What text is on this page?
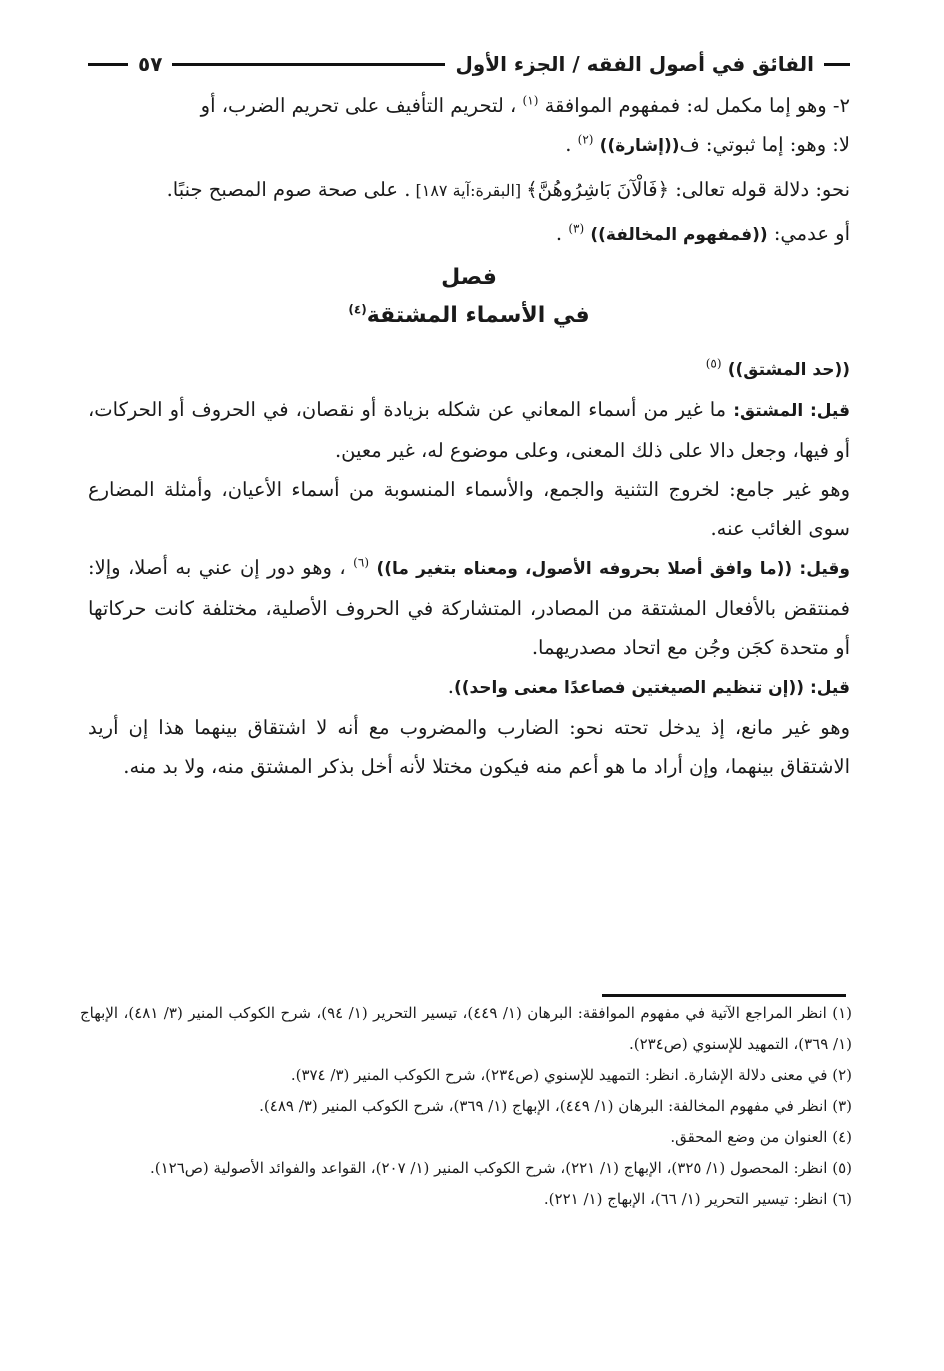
الفائق في أصول الفقه / الجزء الأول
٥٧

٢- وهو إما مكمل له: فمفهوم الموافقة $^{(١)}$ ، لتحريم التأفيف على تحريم الضرب، أو

لا: وهو: إما ثبوتي: ف((إشارة)) $^{(٢)}$ .

نحو: دلالة قوله تعالى: ﴿فَالْآنَ بَاشِرُوهُنَّ﴾ [البقرة:آية ١٨٧] . على صحة صوم المصبح جنبًا.

أو عدمي: ((فمفهوم المخالفة)) $^{(٣)}$ .

فصل
في الأسماء المشتقة$^{(٤)}$

((حد المشتق)) $^{(٥)}$

قيل: المشتق: ما غير من أسماء المعاني عن شكله بزيادة أو نقصان، في الحروف أو الحركات، أو فيها، وجعل دالا على ذلك المعنى، وعلى موضوع له، غير معين.

وهو غير جامع: لخروج التثنية والجمع، والأسماء المنسوبة من أسماء الأعيان، وأمثلة المضارع سوى الغائب عنه.

وقيل: ((ما وافق أصلا بحروفه الأصول، ومعناه بتغير ما)) $^{(٦)}$ ، وهو دور إن عني به أصلا، وإلا: فمنتقض بالأفعال المشتقة من المصادر، المتشاركة في الحروف الأصلية، مختلفة كانت حركاتها أو متحدة كجَن وجُن مع اتحاد مصدريهما.

قيل: ((إن تنظيم الصيغتين فصاعدًا معنى واحد)).

وهو غير مانع، إذ يدخل تحته نحو: الضارب والمضروب مع أنه لا اشتقاق بينهما هذا إن أريد الاشتقاق بينهما، وإن أراد ما هو أعم منه فيكون مختلا لأنه أخل بذكر المشتق منه، ولا بد منه.

(١) انظر المراجع الآتية في مفهوم الموافقة: البرهان (١/ ٤٤٩)، تيسير التحرير (١/ ٩٤)، شرح الكوكب المنير (٣/ ٤٨١)، الإبهاج (١/ ٣٦٩)، التمهيد للإسنوي (ص٢٣٤).

(٢) في معنى دلالة الإشارة. انظر: التمهيد للإسنوي (ص٢٣٤)، شرح الكوكب المنير (٣/ ٣٧٤).

(٣) انظر في مفهوم المخالفة: البرهان (١/ ٤٤٩)، الإبهاج (١/ ٣٦٩)، شرح الكوكب المنير (٣/ ٤٨٩).

(٤) العنوان من وضع المحقق.

(٥) انظر: المحصول (١/ ٣٢٥)، الإبهاج (١/ ٢٢١)، شرح الكوكب المنير (١/ ٢٠٧)، القواعد والفوائد الأصولية (ص١٢٦).

(٦) انظر: تيسير التحرير (١/ ٦٦)، الإبهاج (١/ ٢٢١).
